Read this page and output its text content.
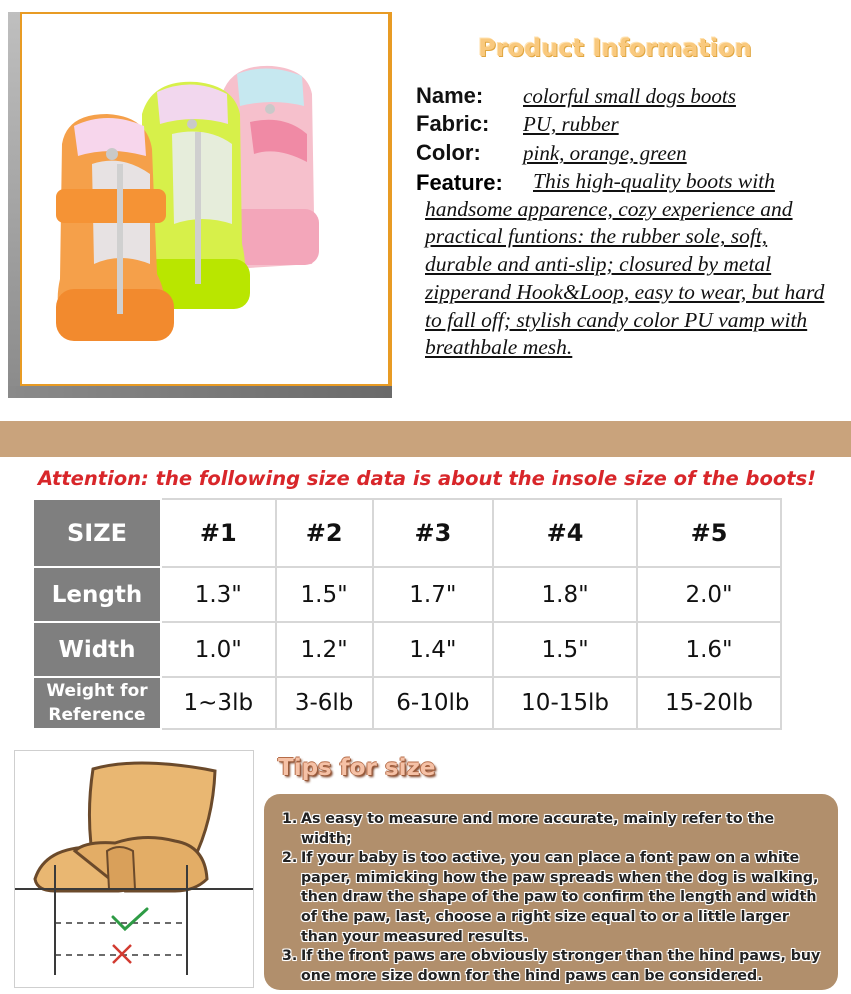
Product Information
Name: colorful small dogs boots
Fabric: PU, rubber
Color: pink, orange, green
Feature:	This high-quality boots with handsome apparence, cozy experience and practical funtions: the rubber sole, soft, durable and anti-slip; closured by metal zipperand Hook&Loop, easy to wear, but hard to fall off; stylish candy color PU vamp with breathbale mesh.
Attention: the following size data is about the insole size of the boots!
SIZE	#1	#2	#3	#4	#5
Length	1.3"	1.5"	1.7"	1.8"	2.0"
Width	1.0"	1.2"	1.4"	1.5"	1.6"
Weight for Reference	1~3lb	3-6lb	6-10lb	10-15lb	15-20lb
Tips for size
1. As easy to measure and more accurate, mainly refer to the width;
2. If your baby is too active, you can place a font paw on a white paper, mimicking how the paw spreads when the dog is walking, then draw the shape of the paw to confirm the length and width of the paw, last, choose a right size equal to or a little larger than your measured results.
3. If the front paws are obviously stronger than the hind paws, buy one more size down for the hind paws can be considered.
